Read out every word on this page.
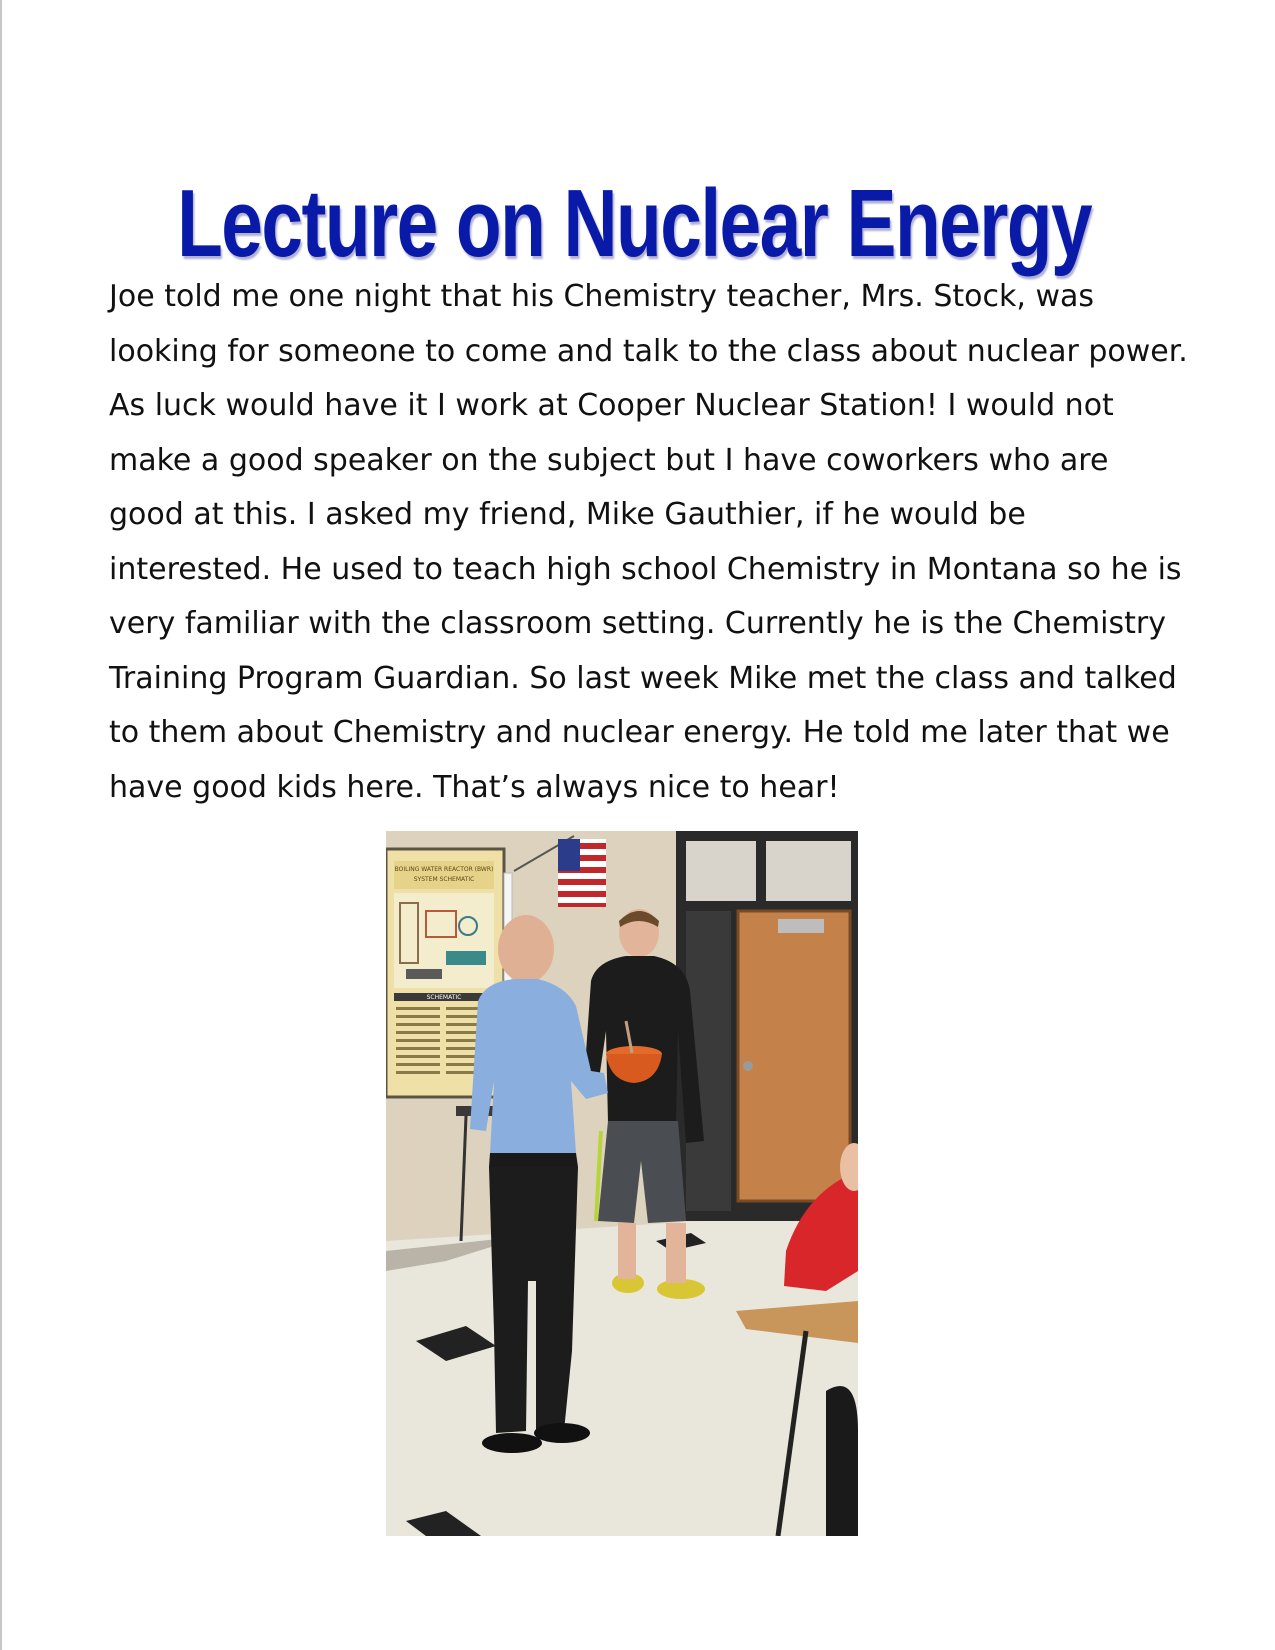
Lecture on Nuclear Energy

Joe told me one night that his Chemistry teacher, Mrs. Stock, was looking for someone to come and talk to the class about nuclear power. As luck would have it I work at Cooper Nuclear Station! I would not make a good speaker on the subject but I have coworkers who are good at this. I asked my friend, Mike Gauthier, if he would be interested. He used to teach high school Chemistry in Montana so he is very familiar with the classroom setting. Currently he is the Chemistry Training Program Guardian. So last week Mike met the class and talked to them about Chemistry and nuclear energy. He told me later that we have good kids here. That’s always nice to hear!

BOILING WATER REACTOR (BWR)
SYSTEM SCHEMATIC
SCHEMATIC
